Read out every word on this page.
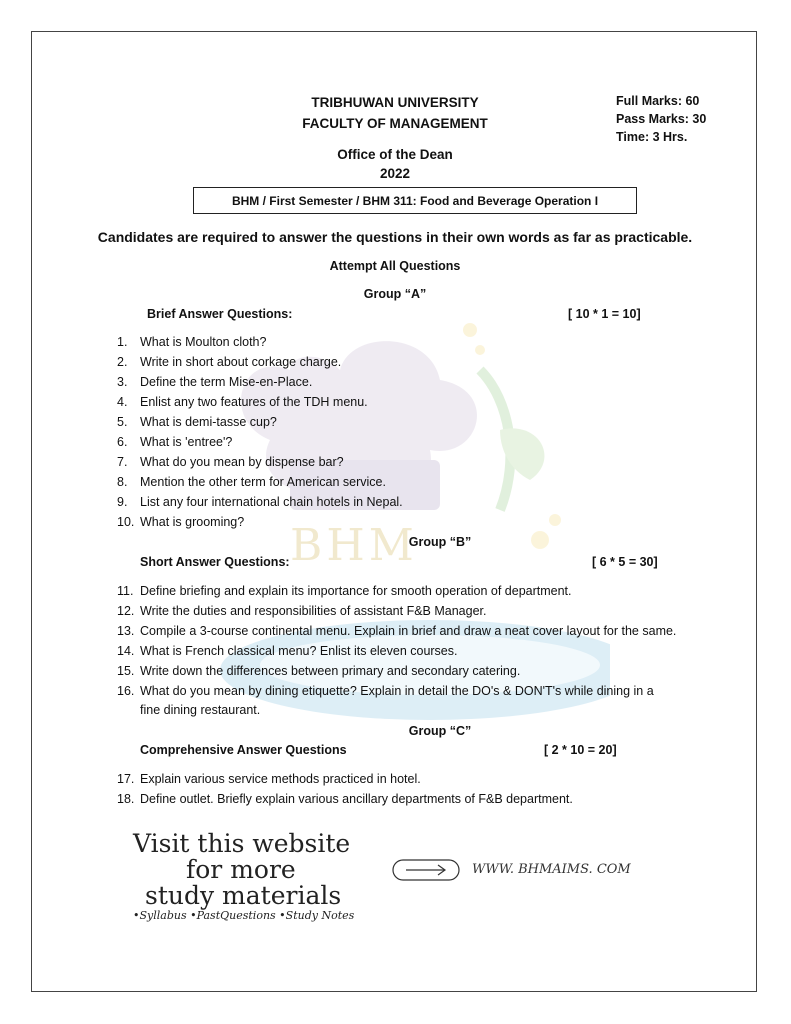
BHM
TRIBHUWAN UNIVERSITY
FACULTY OF MANAGEMENT
Office of the Dean
2022
Full Marks: 60
Pass Marks: 30
Time: 3 Hrs.
BHM / First Semester / BHM 311: Food and Beverage Operation I
Candidates are required to answer the questions in their own words as far as practicable.
Attempt All Questions
Group “A”
Brief Answer Questions:	[ 10 * 1 = 10]
1. What is Moulton cloth?
2. Write in short about corkage charge.
3. Define the term Mise-en-Place.
4. Enlist any two features of the TDH menu.
5. What is demi-tasse cup?
6. What is 'entree'?
7. What do you mean by dispense bar?
8. Mention the other term for American service.
9. List any four international chain hotels in Nepal.
10. What is grooming?
Group “B”
Short Answer Questions:	[ 6 * 5 = 30]
11. Define briefing and explain its importance for smooth operation of department.
12. Write the duties and responsibilities of assistant F&B Manager.
13. Compile a 3-course continental menu. Explain in brief and draw a neat cover layout for the same.
14. What is French classical menu? Enlist its eleven courses.
15. Write down the differences between primary and secondary catering.
16. What do you mean by dining etiquette? Explain in detail the DO's & DON'T's while dining in a
fine dining restaurant.
Group “C”
Comprehensive Answer Questions	[ 2 * 10 = 20]
17. Explain various service methods practiced in hotel.
18. Define outlet. Briefly explain various ancillary departments of F&B department.
Visit this website
for more
study materials
•Syllabus •PastQuestions •Study Notes
WWW. BHMAIMS. COM
